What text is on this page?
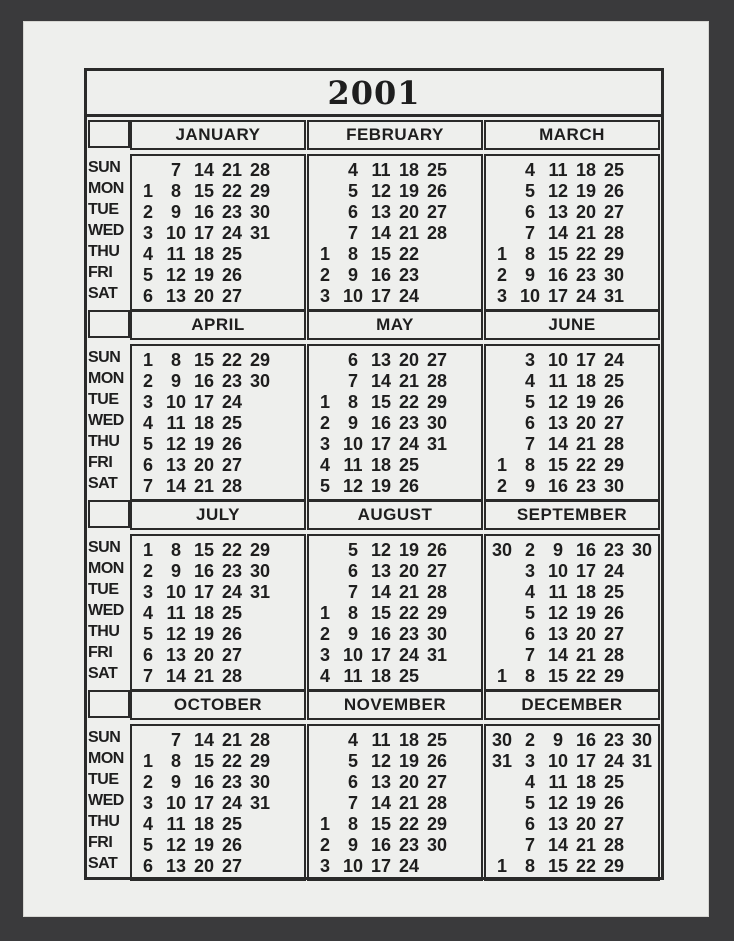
2001
SUN
MON
TUE
WED
THU
FRI
SAT
JANUARY
1
2
3
4
5
6
7
8
9
10
11
12
13
14
15
16
17
18
19
20
21
22
23
24
25
26
27
28
29
30
31
FEBRUARY
1
2
3
4
5
6
7
8
9
10
11
12
13
14
15
16
17
18
19
20
21
22
23
24
25
26
27
28
MARCH
1
2
3
4
5
6
7
8
9
10
11
12
13
14
15
16
17
18
19
20
21
22
23
24
25
26
27
28
29
30
31
SUN
MON
TUE
WED
THU
FRI
SAT
APRIL
1
2
3
4
5
6
7
8
9
10
11
12
13
14
15
16
17
18
19
20
21
22
23
24
25
26
27
28
29
30
MAY
1
2
3
4
5
6
7
8
9
10
11
12
13
14
15
16
17
18
19
20
21
22
23
24
25
26
27
28
29
30
31
JUNE
1
2
3
4
5
6
7
8
9
10
11
12
13
14
15
16
17
18
19
20
21
22
23
24
25
26
27
28
29
30
SUN
MON
TUE
WED
THU
FRI
SAT
JULY
1
2
3
4
5
6
7
8
9
10
11
12
13
14
15
16
17
18
19
20
21
22
23
24
25
26
27
28
29
30
31
AUGUST
1
2
3
4
5
6
7
8
9
10
11
12
13
14
15
16
17
18
19
20
21
22
23
24
25
26
27
28
29
30
31
SEPTEMBER
30
1
2
3
4
5
6
7
8
9
10
11
12
13
14
15
16
17
18
19
20
21
22
23
24
25
26
27
28
29
30
SUN
MON
TUE
WED
THU
FRI
SAT
OCTOBER
1
2
3
4
5
6
7
8
9
10
11
12
13
14
15
16
17
18
19
20
21
22
23
24
25
26
27
28
29
30
31
NOVEMBER
1
2
3
4
5
6
7
8
9
10
11
12
13
14
15
16
17
18
19
20
21
22
23
24
25
26
27
28
29
30
DECEMBER
30
31
1
2
3
4
5
6
7
8
9
10
11
12
13
14
15
16
17
18
19
20
21
22
23
24
25
26
27
28
29
30
31
